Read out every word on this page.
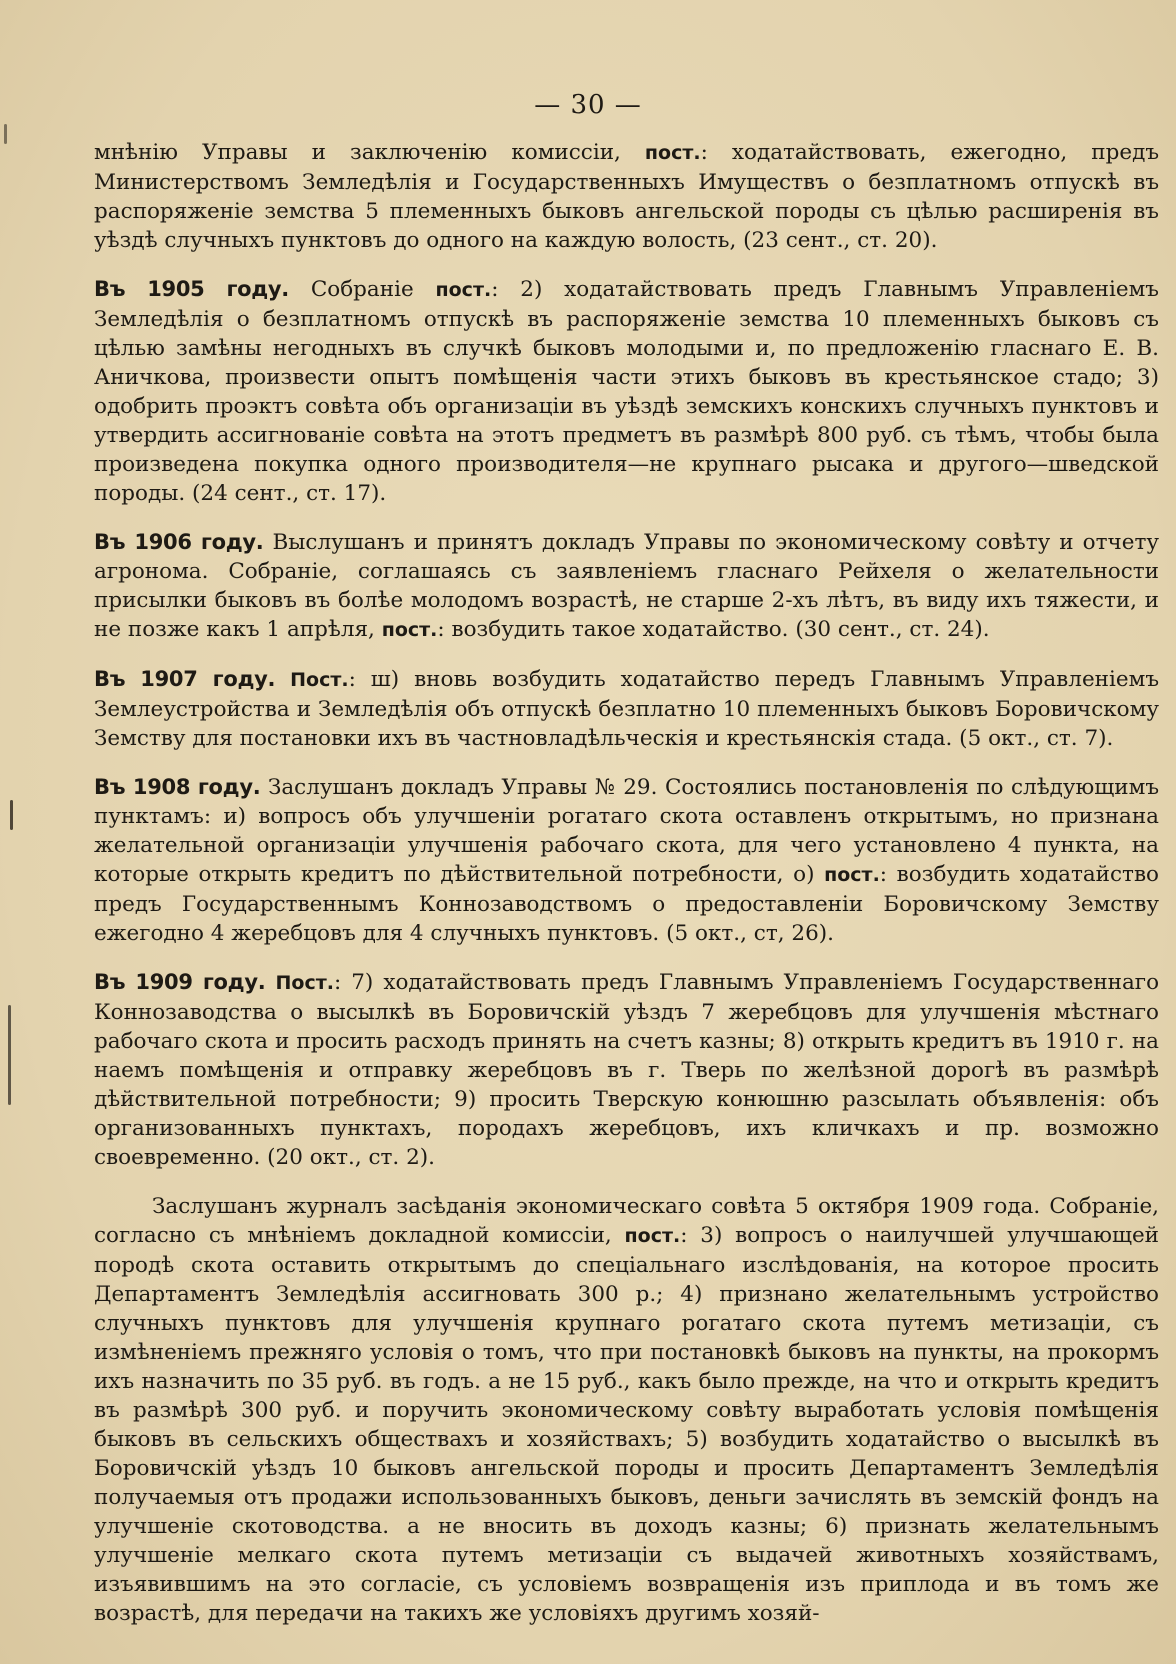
— 30 —

мнѣнію Управы и заключенію комиссіи, пост.: ходатайствовать, ежегодно, предъ Министерствомъ Земледѣлія и Государственныхъ Имуществъ о безплатномъ отпускѣ въ распоряженіе земства 5 племенныхъ быковъ ангельской породы съ цѣлью расширенія въ уѣздѣ случныхъ пунктовъ до одного на каждую волость, (23 сент., ст. 20).

Въ 1905 году. Собраніе пост.: 2) ходатайствовать предъ Главнымъ Управленіемъ Земледѣлія о безплатномъ отпускѣ въ распоряженіе земства 10 племенныхъ быковъ съ цѣлью замѣны негодныхъ въ случкѣ быковъ молодыми и, по предложенію гласнаго Е. В. Аничкова, произвести опытъ помѣщенія части этихъ быковъ въ крестьянское стадо; 3) одобрить проэктъ совѣта объ организаціи въ уѣздѣ земскихъ конскихъ случныхъ пунктовъ и утвердить ассигнованіе совѣта на этотъ предметъ въ размѣрѣ 800 руб. съ тѣмъ, чтобы была произведена покупка одного производителя—не крупнаго рысака и другого—шведской породы. (24 сент., ст. 17).

Въ 1906 году. Выслушанъ и принятъ докладъ Управы по экономическому совѣту и отчету агронома. Собраніе, соглашаясь съ заявленіемъ гласнаго Рейхеля о желательности присылки быковъ въ болѣе молодомъ возрастѣ, не старше 2-хъ лѣтъ, въ виду ихъ тяжести, и не позже какъ 1 апрѣля, пост.: возбудить такое ходатайство. (30 сент., ст. 24).

Въ 1907 году. Пост.: ш) вновь возбудить ходатайство передъ Главнымъ Управленіемъ Землеустройства и Земледѣлія объ отпускѣ безплатно 10 племенныхъ быковъ Боровичскому Земству для постановки ихъ въ частновладѣльческія и крестьянскія стада. (5 окт., ст. 7).

Въ 1908 году. Заслушанъ докладъ Управы № 29. Состоялись постановленія по слѣдующимъ пунктамъ: и) вопросъ объ улучшеніи рогатаго скота оставленъ открытымъ, но признана желательной организаціи улучшенія рабочаго скота, для чего установлено 4 пункта, на которые открыть кредитъ по дѣйствительной потребности, о) пост.: возбудить ходатайство предъ Государственнымъ Коннозаводствомъ о предоставленіи Боровичскому Земству ежегодно 4 жеребцовъ для 4 случныхъ пунктовъ. (5 окт., ст, 26).

Въ 1909 году. Пост.: 7) ходатайствовать предъ Главнымъ Управленіемъ Государственнаго Коннозаводства о высылкѣ въ Боровичскій уѣздъ 7 жеребцовъ для улучшенія мѣстнаго рабочаго скота и просить расходъ принять на счетъ казны; 8) открыть кредитъ въ 1910 г. на наемъ помѣщенія и отправку жеребцовъ въ г. Тверь по желѣзной дорогѣ въ размѣрѣ дѣйствительной потребности; 9) просить Тверскую конюшню разсылать объявленія: объ организованныхъ пунктахъ, породахъ жеребцовъ, ихъ кличкахъ и пр. возможно своевременно. (20 окт., ст. 2).

Заслушанъ журналъ засѣданія экономическаго совѣта 5 октября 1909 года. Собраніе, согласно съ мнѣніемъ докладной комиссіи, пост.: 3) вопросъ о наилучшей улучшающей породѣ скота оставить открытымъ до спеціальнаго изслѣдованія, на которое просить Департаментъ Земледѣлія ассигновать 300 р.; 4) признано желательнымъ устройство случныхъ пунктовъ для улучшенія крупнаго рогатаго скота путемъ метизаціи, съ измѣненіемъ прежняго условія о томъ, что при постановкѣ быковъ на пункты, на прокормъ ихъ назначить по 35 руб. въ годъ. а не 15 руб., какъ было прежде, на что и открыть кредитъ въ размѣрѣ 300 руб. и поручить экономическому совѣту выработать условія помѣщенія быковъ въ сельскихъ обществахъ и хозяйствахъ; 5) возбудить ходатайство о высылкѣ въ Боровичскій уѣздъ 10 быковъ ангельской породы и просить Департаментъ Земледѣлія получаемыя отъ продажи использованныхъ быковъ, деньги зачислять въ земскій фондъ на улучшеніе скотоводства. а не вносить въ доходъ казны; 6) признать желательнымъ улучшеніе мелкаго скота путемъ метизаціи съ выдачей животныхъ хозяйствамъ, изъявившимъ на это согласіе, съ условіемъ возвращенія изъ приплода и въ томъ же возрастѣ, для передачи на такихъ же условіяхъ другимъ хозяй-
